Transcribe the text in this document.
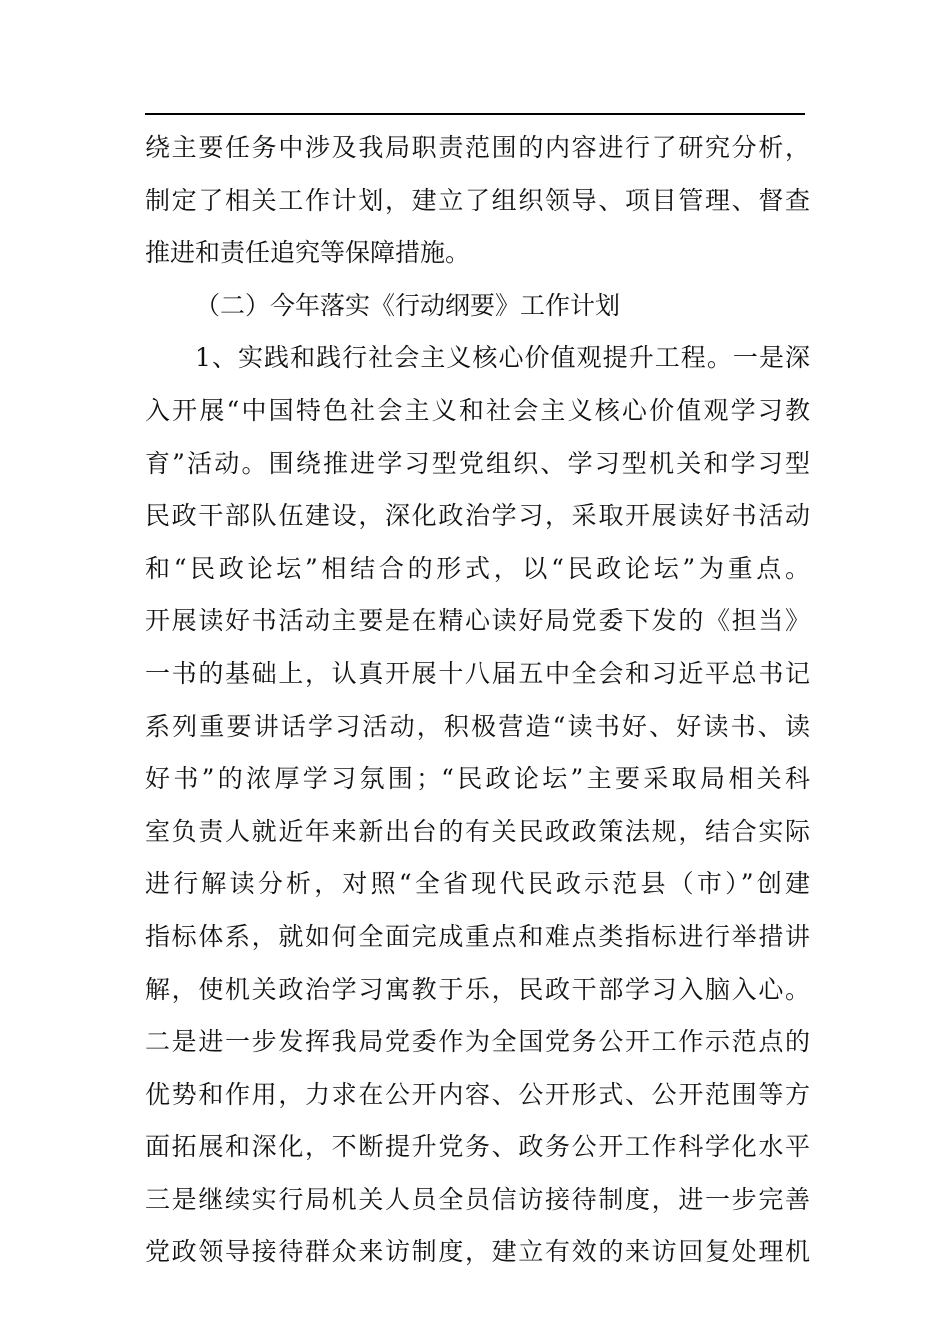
绕主要任务中涉及我局职责范围的内容进行了研究分析，
制定了相关工作计划，建立了组织领导、项目管理、督查
推进和责任追究等保障措施。
（二）今年落实《行动纲要》工作计划
1、实践和践行社会主义核心价值观提升工程。一是深
入开展“中国特色社会主义和社会主义核心价值观学习教
育”活动。围绕推进学习型党组织、学习型机关和学习型
民政干部队伍建设，深化政治学习，采取开展读好书活动
和“民政论坛”相结合的形式，以“民政论坛”为重点。
开展读好书活动主要是在精心读好局党委下发的《担当》
一书的基础上，认真开展十八届五中全会和习近平总书记
系列重要讲话学习活动，积极营造“读书好、好读书、读
好书”的浓厚学习氛围；“民政论坛”主要采取局相关科
室负责人就近年来新出台的有关民政政策法规，结合实际
进行解读分析，对照“全省现代民政示范县（市）”创建
指标体系，就如何全面完成重点和难点类指标进行举措讲
解，使机关政治学习寓教于乐，民政干部学习入脑入心。
二是进一步发挥我局党委作为全国党务公开工作示范点的
优势和作用，力求在公开内容、公开形式、公开范围等方
面拓展和深化，不断提升党务、政务公开工作科学化水平
三是继续实行局机关人员全员信访接待制度，进一步完善
党政领导接待群众来访制度，建立有效的来访回复处理机
